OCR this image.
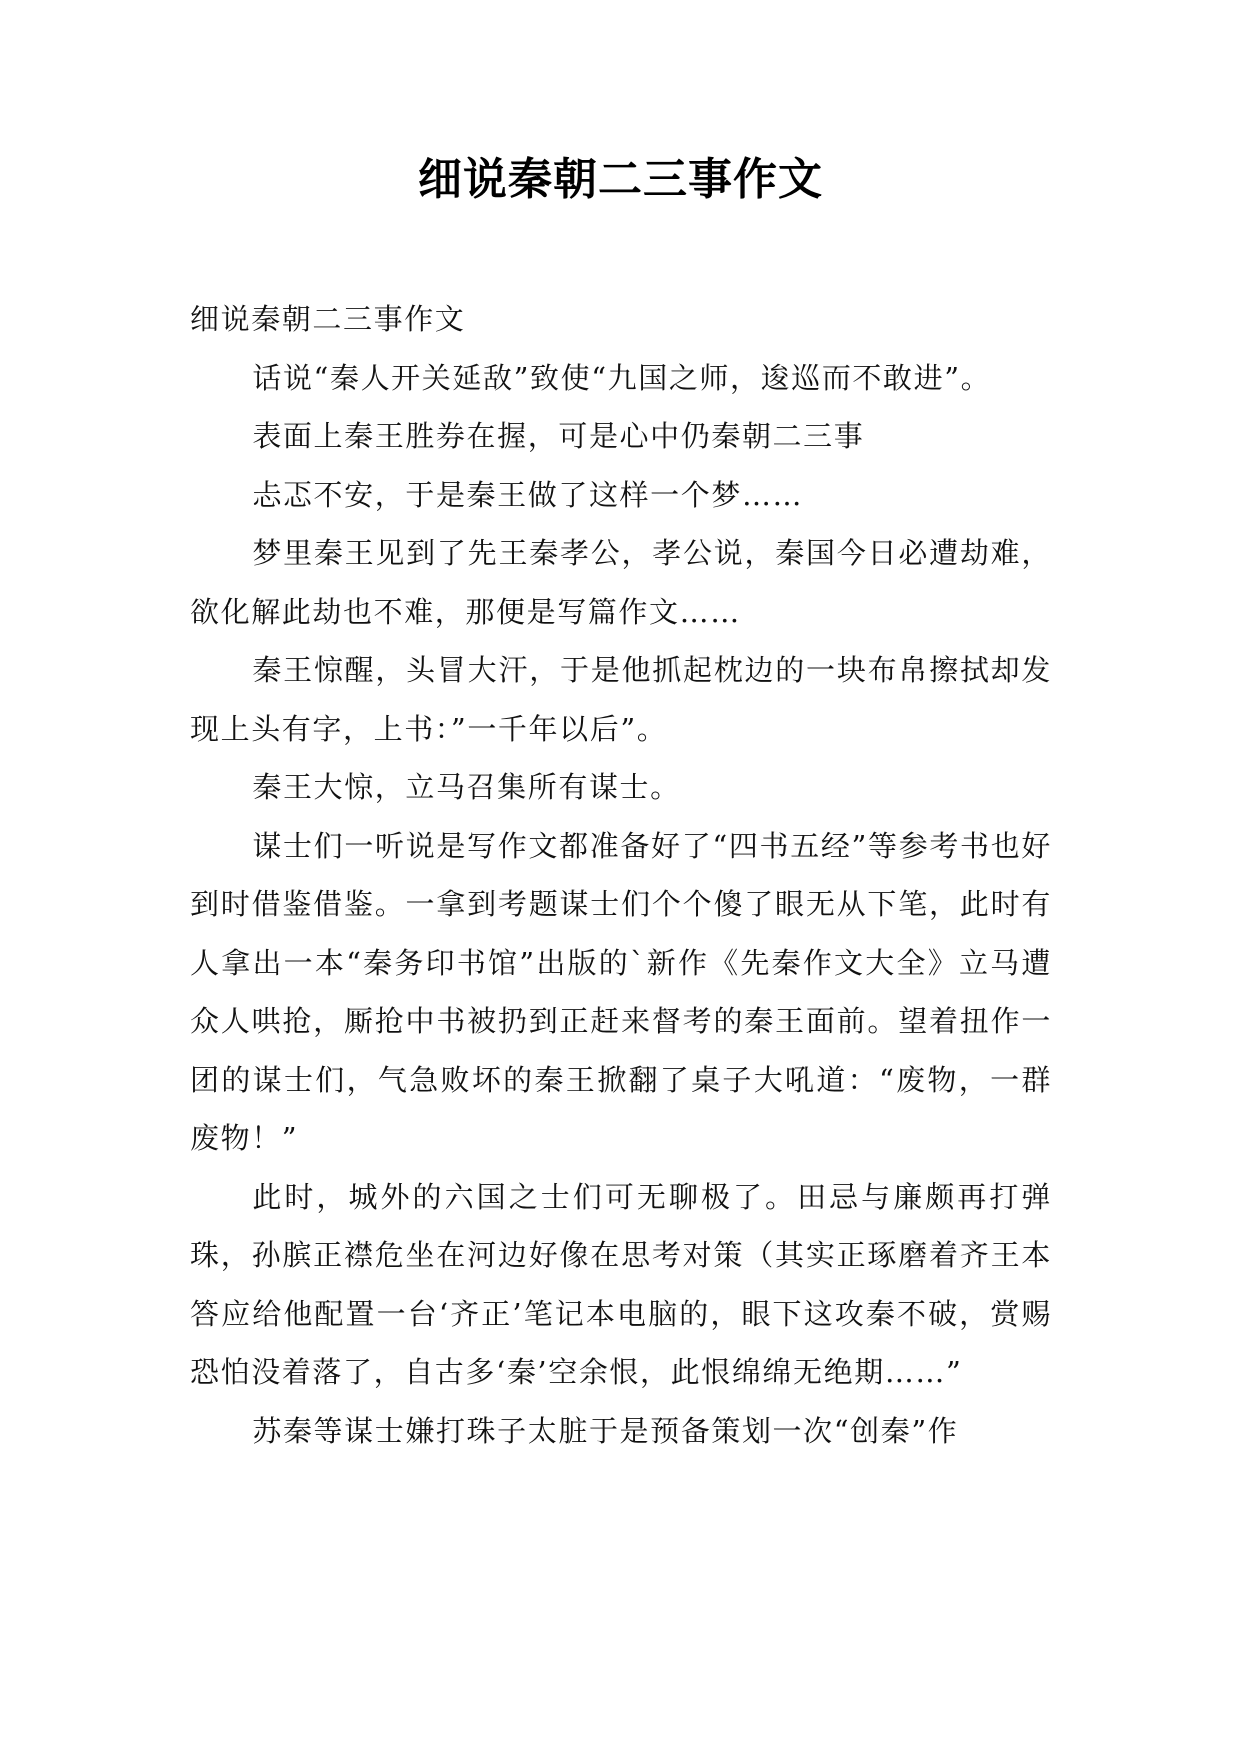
细说秦朝二三事作文

细说秦朝二三事作文

话说“秦人开关延敌”致使“九国之师，逡巡而不敢进”。

表面上秦王胜券在握，可是心中仍秦朝二三事

忐忑不安，于是秦王做了这样一个梦……

梦里秦王见到了先王秦孝公，孝公说，秦国今日必遭劫难，欲化解此劫也不难，那便是写篇作文……

秦王惊醒，头冒大汗，于是他抓起枕边的一块布帛擦拭却发现上头有字，上书：”一千年以后”。

秦王大惊，立马召集所有谋士。

谋士们一听说是写作文都准备好了“四书五经”等参考书也好到时借鉴借鉴。一拿到考题谋士们个个傻了眼无从下笔，此时有人拿出一本“秦务印书馆”出版的`新作《先秦作文大全》立马遭众人哄抢，厮抢中书被扔到正赶来督考的秦王面前。望着扭作一团的谋士们，气急败坏的秦王掀翻了桌子大吼道：“废物，一群废物！”

此时，城外的六国之士们可无聊极了。田忌与廉颇再打弹珠，孙膑正襟危坐在河边好像在思考对策（其实正琢磨着齐王本答应给他配置一台‘齐正’笔记本电脑的，眼下这攻秦不破，赏赐恐怕没着落了，自古多‘秦’空余恨，此恨绵绵无绝期……”

苏秦等谋士嫌打珠子太脏于是预备策划一次“创秦”作
